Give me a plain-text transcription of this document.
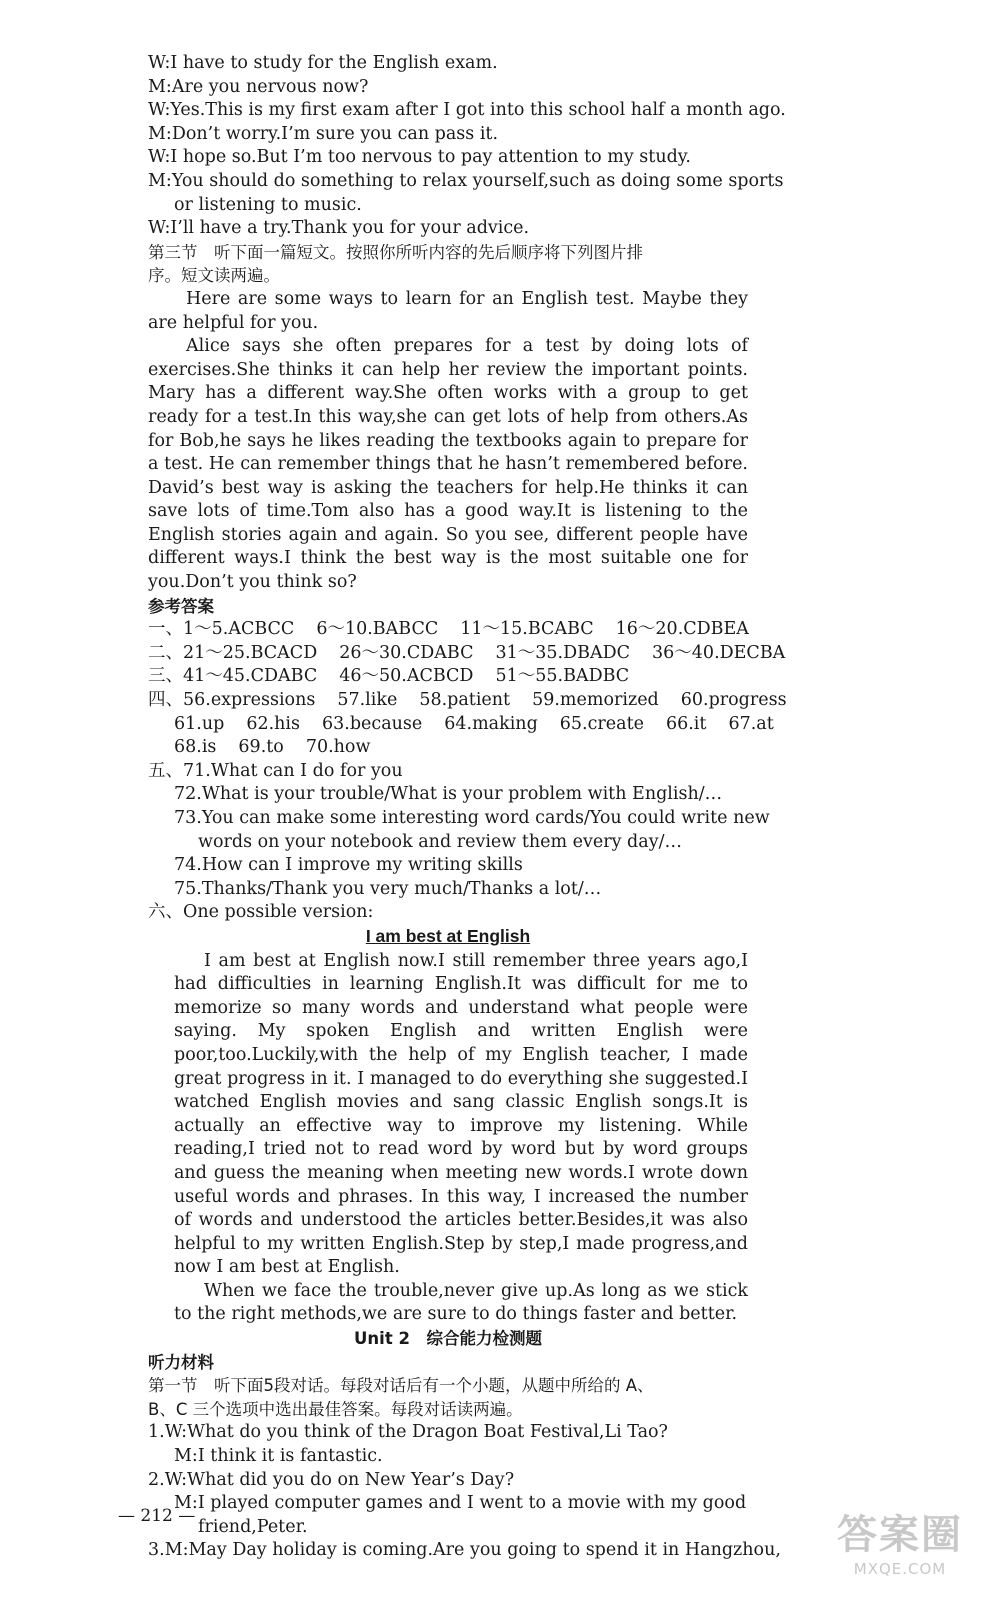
W:I have to study for the English exam.
M:Are you nervous now?
W:Yes.This is my first exam after I got into this school half a month ago.
M:Don’t worry.I’m sure you can pass it.
W:I hope so.But I’m too nervous to pay attention to my study.
M:You should do something to relax yourself,such as doing some sports
or listening to music.
W:I’ll have a try.Thank you for your advice.
第三节　听下面一篇短文。按照你所听内容的先后顺序将下列图片排
序。短文读两遍。
Here are some ways to learn for an English test. Maybe they are helpful for you.
Alice says she often prepares for a test by doing lots of exercises.She thinks it can help her review the important points. Mary has a different way.She often works with a group to get ready for a test.In this way,she can get lots of help from others.As for Bob,he says he likes reading the textbooks again to prepare for a test. He can remember things that he hasn’t remembered before. David’s best way is asking the teachers for help.He thinks it can save lots of time.Tom also has a good way.It is listening to the English stories again and again. So you see, different people have different ways.I think the best way is the most suitable one for you.Don’t you think so?
参考答案
一、1～5.ACBCC 6～10.BABCC 11～15.BCABC 16～20.CDBEA
二、21～25.BCACD 26～30.CDABC 31～35.DBADC 36～40.DECBA
三、41～45.CDABC 46～50.ACBCD 51～55.BADBC
四、56.expressions 57.like 58.patient 59.memorized 60.progress
61.up 62.his 63.because 64.making 65.create 66.it 67.at
68.is 69.to 70.how
五、71.What can I do for you
72.What is your trouble/What is your problem with English/…
73.You can make some interesting word cards/You could write new
words on your notebook and review them every day/…
74.How can I improve my writing skills
75.Thanks/Thank you very much/Thanks a lot/…
六、One possible version:
I am best at English
I am best at English now.I still remember three years ago,I had difficulties in learning English.It was difficult for me to memorize so many words and understand what people were saying. My spoken English and written English were poor,too.Luckily,with the help of my English teacher, I made great progress in it. I managed to do everything she suggested.I watched English movies and sang classic English songs.It is actually an effective way to improve my listening. While reading,I tried not to read word by word but by word groups and guess the meaning when meeting new words.I wrote down useful words and phrases. In this way, I increased the number of words and understood the articles better.Besides,it was also helpful to my written English.Step by step,I made progress,and now I am best at English.
When we face the trouble,never give up.As long as we stick to the right methods,we are sure to do things faster and better.
Unit 2　综合能力检测题
听力材料
第一节　听下面5段对话。每段对话后有一个小题，从题中所给的 A、
B、C 三个选项中选出最佳答案。每段对话读两遍。
1.W:What do you think of the Dragon Boat Festival,Li Tao?
M:I think it is fantastic.
2.W:What did you do on New Year’s Day?
M:I played computer games and I went to a movie with my good
friend,Peter.
3.M:May Day holiday is coming.Are you going to spend it in Hangzhou,
— 212 —	答案圈
MXQE.COM
